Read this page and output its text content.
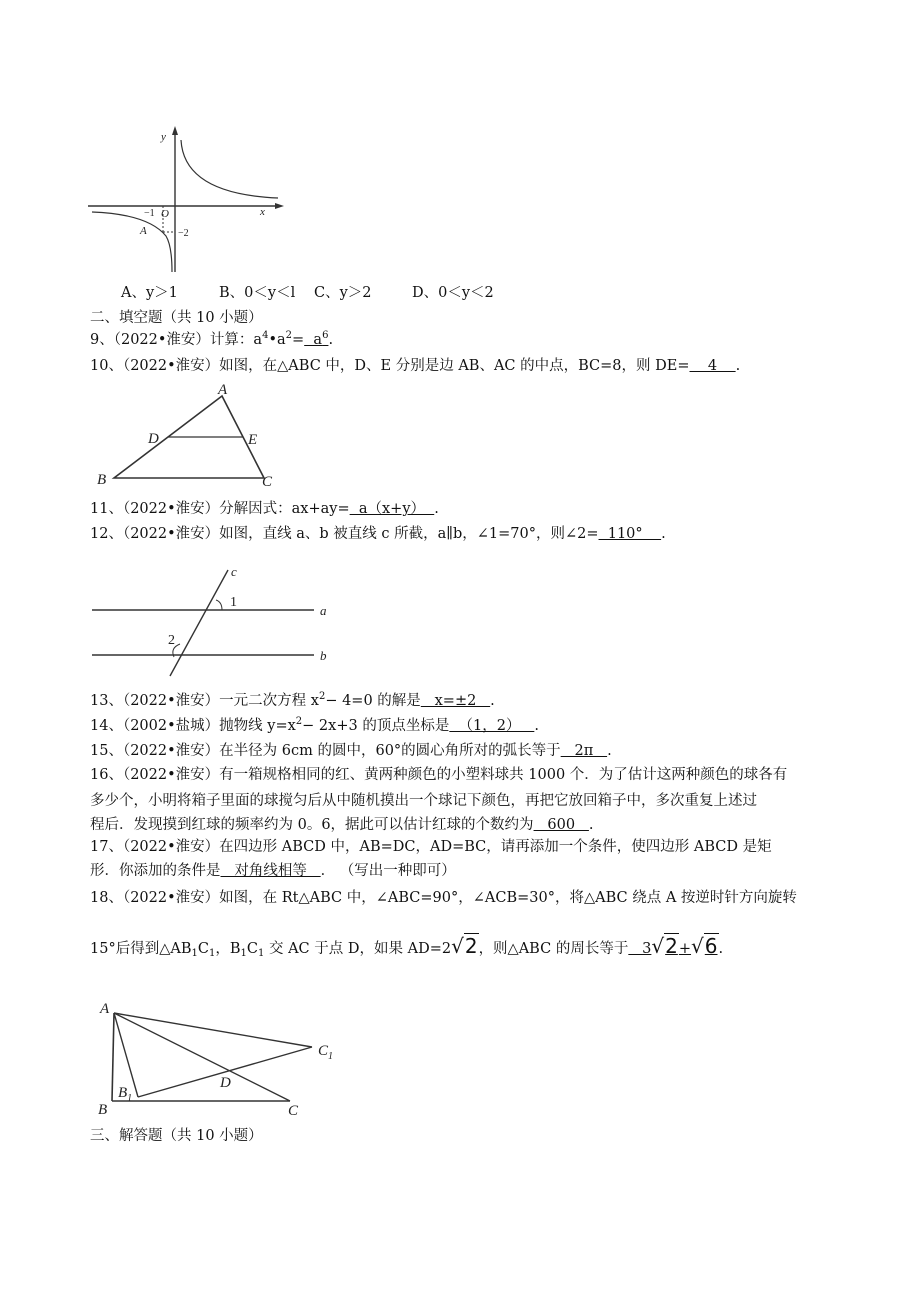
y
x
O
−1
−2
A
A、y＞1	B、0＜y＜l C、y＞2	D、0＜y＜2
二、填空题（共 10 小题）
9、（2022•淮安）计算：$a^4•a^2= a^6$.
10、（2022•淮安）如图，在△ABC 中，D、E 分别是边 AB、AC 的中点，BC=8，则 DE=    4    .
A
D	E
B	C
11、（2022•淮安）分解因式：ax+ay=  a（x+y）  .
12、（2022•淮安）如图，直线 a、b 被直线 c 所截，a∥b，∠1=70°，则∠2=  110°    .
c
1
a
2
b
13、（2022•淮安）一元二次方程 $x^2- 4=0$ 的解是   x=±2   .
14、（2002•盐城）抛物线 $y=x^2- 2x+3$ 的顶点坐标是  （1，2）   .
15、（2022•淮安）在半径为 6cm 的圆中，60°的圆心角所对的弧长等于   2π   .
16、（2022•淮安）有一箱规格相同的红、黄两种颜色的小塑料球共 1000 个．为了估计这两种颜色的球各有
多少个，小明将箱子里面的球搅匀后从中随机摸出一个球记下颜色，再把它放回箱子中，多次重复上述过
程后．发现摸到红球的频率约为 0。6，据此可以估计红球的个数约为   600   .
17、（2022•淮安）在四边形 ABCD 中，AB=DC，AD=BC，请再添加一个条件，使四边形 ABCD 是矩
形．你添加的条件是   对角线相等   ． （写出一种即可）
18、（2022•淮安）如图，在 Rt△ABC 中，∠ABC=90°，∠ACB=30°，将△ABC 绕点 A 按逆时针方向旋转
15°后得到$\triangle AB_1C_1$，$B_1C_1$ 交 AC 于点 D，如果 AD=2√2，则△ABC 的周长等于   3√2+√6.
A
$C_1$
D
$B_1$
B	C
三、解答题（共 10 小题）
